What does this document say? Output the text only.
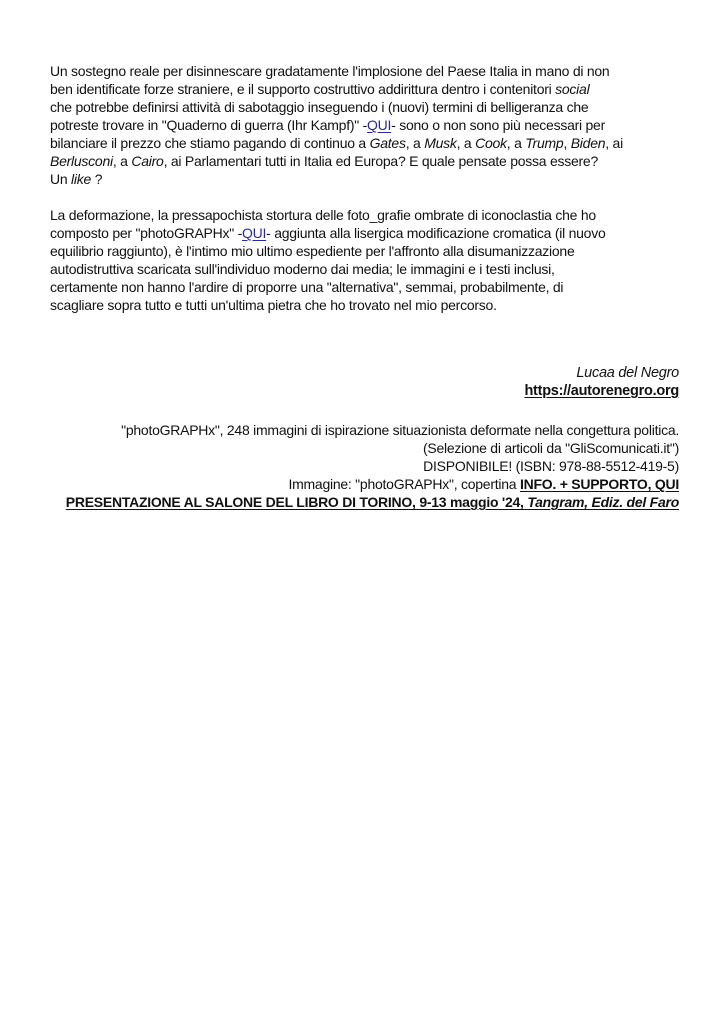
Un sostegno reale per disinnescare gradatamente l'implosione del Paese Italia in mano di non
ben identificate forze straniere, e il supporto costruttivo addirittura dentro i contenitori social
che potrebbe definirsi attività di sabotaggio inseguendo i (nuovi) termini di belligeranza che
potreste trovare in "Quaderno di guerra (Ihr Kampf)" -QUI- sono o non sono più necessari per
bilanciare il prezzo che stiamo pagando di continuo a Gates, a Musk, a Cook, a Trump, Biden, ai
Berlusconi, a Cairo, ai Parlamentari tutti in Italia ed Europa? E quale pensate possa essere?
Un like ?

La deformazione, la pressapochista stortura delle foto_grafie ombrate di iconoclastia che ho
composto per "photoGRAPHx" -QUI- aggiunta alla lisergica modificazione cromatica (il nuovo
equilibrio raggiunto), è l'intimo mio ultimo espediente per l'affronto alla disumanizzazione
autodistruttiva scaricata sull'individuo moderno dai media; le immagini e i testi inclusi,
certamente non hanno l'ardire di proporre una "alternativa", semmai, probabilmente, di
scagliare sopra tutto e tutti un'ultima pietra che ho trovato nel mio percorso.

Lucaa del Negro
https://autorenegro.org
"photoGRAPHx", 248 immagini di ispirazione situazionista deformate nella congettura politica.
(Selezione di articoli da "GliScomunicati.it")
DISPONIBILE! (ISBN: 978-88-5512-419-5)
Immagine: "photoGRAPHx", copertina INFO. + SUPPORTO, QUI
PRESENTAZIONE AL SALONE DEL LIBRO DI TORINO, 9-13 maggio '24, Tangram, Ediz. del Faro
